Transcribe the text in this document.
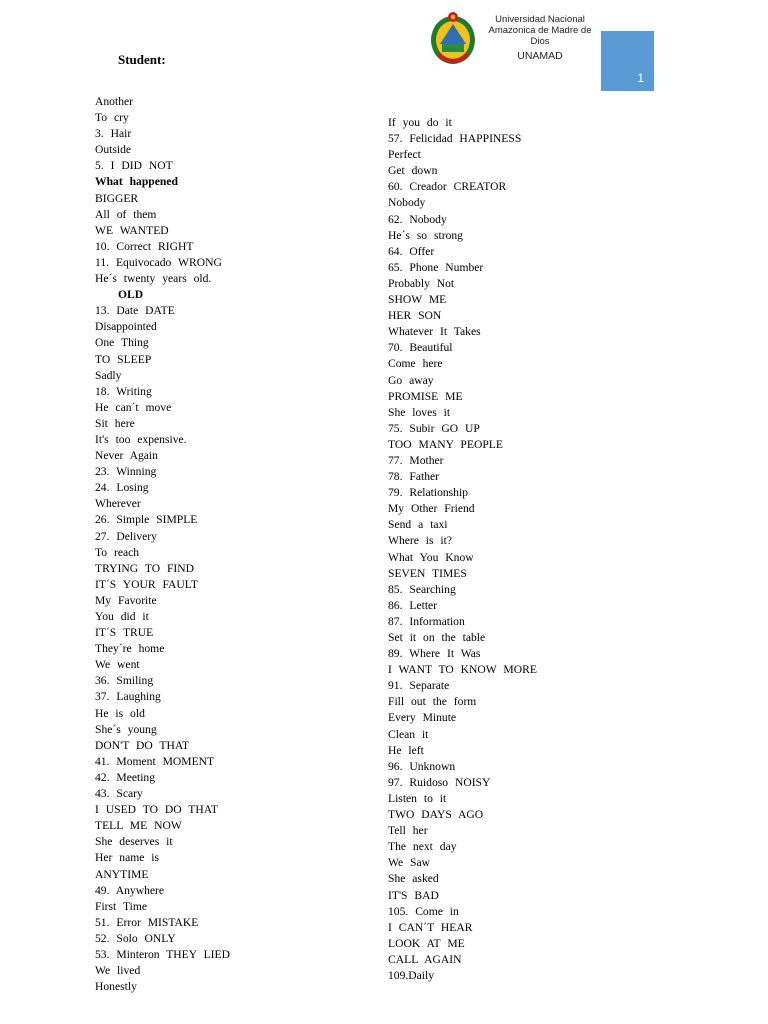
Universidad Nacional
Amazonica de Madre de Dios
UNAMAD
1
Student:
Another
To cry
3. Hair
Outside
5. I DID NOT
What happened
BIGGER
All of them
WE WANTED
10. Correct RIGHT
11. Equivocado WRONG
He´s twenty years old.
OLD
13. Date DATE
Disappointed
One Thing
TO SLEEP
Sadly
18. Writing
He can´t move
Sit here
It's too expensive.
Never Again
23. Winning
24. Losing
Wherever
26. Simple SIMPLE
27. Delivery
To reach
TRYING TO FIND
IT´S YOUR FAULT
My Favorite
You did it
IT´S TRUE
They´re home
We went
36. Smiling
37. Laughing
He is old
She´s young
DON'T DO THAT
41. Moment MOMENT
42. Meeting
43. Scary
I USED TO DO THAT
TELL ME NOW
She deserves it
Her name is
ANYTIME
49. Anywhere
First Time
51. Error MISTAKE
52. Solo ONLY
53. Minteron THEY LIED
We lived
Honestly
If you do it
57. Felicidad HAPPINESS
Perfect
Get down
60. Creador CREATOR
Nobody
62. Nobody
He´s so strong
64. Offer
65. Phone Number
Probably Not
SHOW ME
HER SON
Whatever It Takes
70. Beautiful
Come here
Go away
PROMISE ME
She loves it
75. Subir GO UP
TOO MANY PEOPLE
77. Mother
78. Father
79. Relationship
My Other Friend
Send a taxi
Where is it?
What You Know
SEVEN TIMES
85. Searching
86. Letter
87. Information
Set it on the table
89. Where It Was
I WANT TO KNOW MORE
91. Separate
Fill out the form
Every Minute
Clean it
He left
96. Unknown
97. Ruidoso NOISY
Listen to it
TWO DAYS AGO
Tell her
The next day
We Saw
She asked
IT'S BAD
105. Come in
I CAN´T HEAR
LOOK AT ME
CALL AGAIN
109.Daily
